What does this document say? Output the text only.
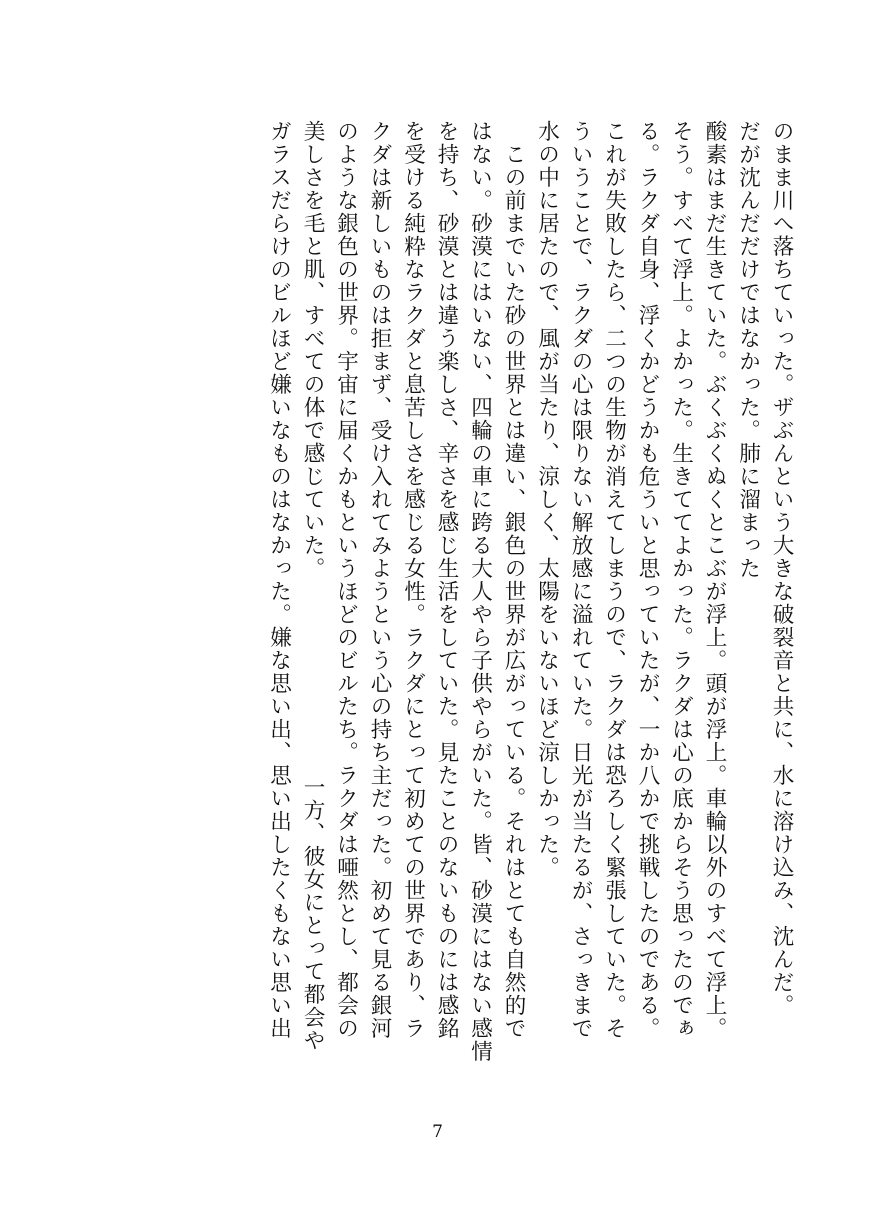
のまま川へ落ちていった。ザぶんという大きな破裂音と共に、水に溶け込み、沈んだ。

だが沈んだだけではなかった。肺に溜まった

酸素はまだ生きていた。ぶくぶくぬくとこぶが浮上。頭が浮上。車輪以外のすべて浮上。

そう。すべて浮上。よかった。生きててよかった。ラクダは心の底からそう思ったのでぁ

る。ラクダ自身、浮くかどうかも危ういと思っていたが、一か八かで挑戦したのである。

これが失敗したら、二つの生物が消えてしまうので、ラクダは恐ろしく緊張していた。そ

ういうことで、ラクダの心は限りない解放感に溢れていた。日光が当たるが、さっきまで

水の中に居たので、風が当たり、涼しく、太陽をいないほど涼しかった。

　この前までいた砂の世界とは違い、銀色の世界が広がっている。それはとても自然的で

はない。砂漠にはいない、四輪の車に跨る大人やら子供やらがいた。皆、砂漠にはない感情

を持ち、砂漠とは違う楽しさ、辛さを感じ生活をしていた。見たことのないものには感銘

を受ける純粋なラクダと息苦しさを感じる女性。ラクダにとって初めての世界であり、ラ

クダは新しいものは拒まず、受け入れてみようという心の持ち主だった。初めて見る銀河

のような銀色の世界。宇宙に届くかもというほどのビルたち。ラクダは唖然とし、都会の

美しさを毛と肌、すべての体で感じていた。　　　　　　　　　一方、彼女にとって都会や

ガラスだらけのビルほど嫌いなものはなかった。嫌な思い出、思い出したくもない思い出

7
